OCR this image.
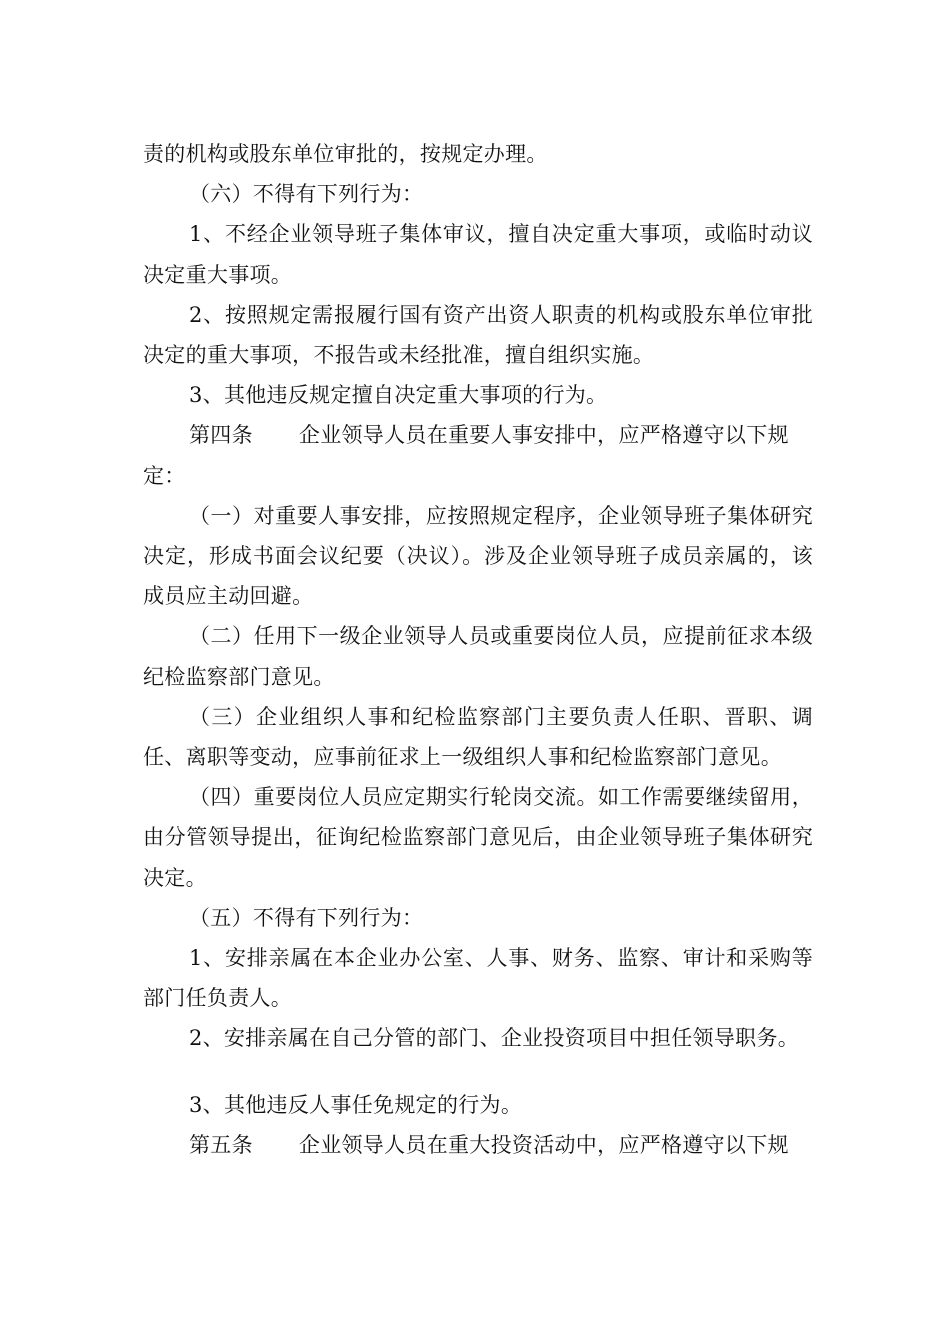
责的机构或股东单位审批的，按规定办理。

（六）不得有下列行为：

1、不经企业领导班子集体审议，擅自决定重大事项，或临时动议决定重大事项。

2、按照规定需报履行国有资产出资人职责的机构或股东单位审批决定的重大事项，不报告或未经批准，擅自组织实施。

3、其他违反规定擅自决定重大事项的行为。

第四条 企业领导人员在重要人事安排中，应严格遵守以下规定：

（一）对重要人事安排，应按照规定程序，企业领导班子集体研究决定，形成书面会议纪要（决议）。涉及企业领导班子成员亲属的，该成员应主动回避。

（二）任用下一级企业领导人员或重要岗位人员，应提前征求本级纪检监察部门意见。

（三）企业组织人事和纪检监察部门主要负责人任职、晋职、调任、离职等变动，应事前征求上一级组织人事和纪检监察部门意见。

（四）重要岗位人员应定期实行轮岗交流。如工作需要继续留用，由分管领导提出，征询纪检监察部门意见后，由企业领导班子集体研究决定。

（五）不得有下列行为：

1、安排亲属在本企业办公室、人事、财务、监察、审计和采购等部门任负责人。

2、安排亲属在自己分管的部门、企业投资项目中担任领导职务。

3、其他违反人事任免规定的行为。

第五条 企业领导人员在重大投资活动中，应严格遵守以下规
